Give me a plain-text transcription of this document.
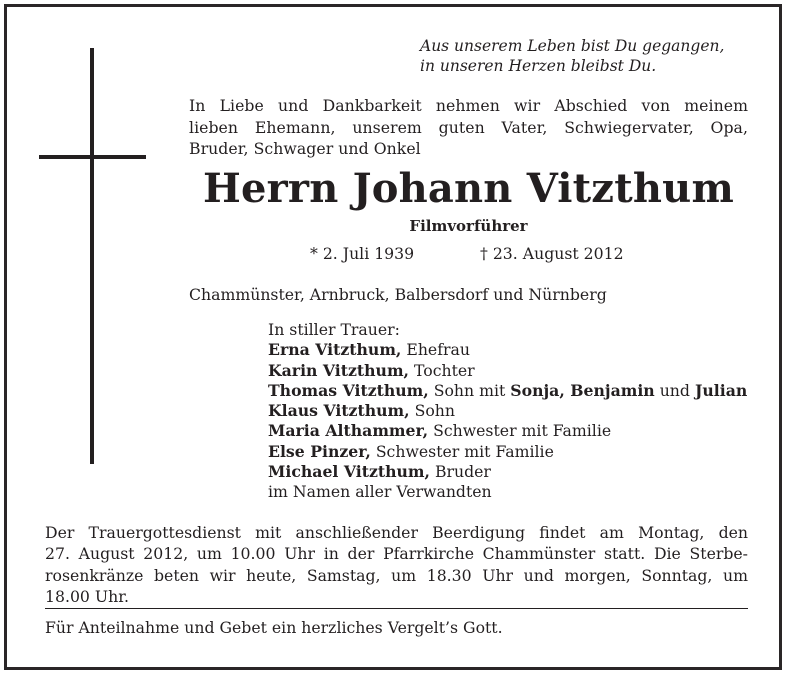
Aus unserem Leben bist Du gegangen,
in unseren Herzen bleibst Du.
In Liebe und Dankbarkeit nehmen wir Abschied von meinem
lieben Ehemann, unserem guten Vater, Schwiegervater, Opa,
Bruder, Schwager und Onkel
Herrn Johann Vitzthum
Filmvorführer
* 2. Juli 1939	† 23. August 2012
Chammünster, Arnbruck, Balbersdorf und Nürnberg
In stiller Trauer:
Erna Vitzthum, Ehefrau
Karin Vitzthum, Tochter
Thomas Vitzthum, Sohn mit Sonja, Benjamin und Julian
Klaus Vitzthum, Sohn
Maria Althammer, Schwester mit Familie
Else Pinzer, Schwester mit Familie
Michael Vitzthum, Bruder
im Namen aller Verwandten
Der Trauergottesdienst mit anschließender Beerdigung findet am Montag, den
27. August 2012, um 10.00 Uhr in der Pfarrkirche Chammünster statt. Die Sterbe-
rosenkränze beten wir heute, Samstag, um 18.30 Uhr und morgen, Sonntag, um
18.00 Uhr.
Für Anteilnahme und Gebet ein herzliches Vergelt’s Gott.
